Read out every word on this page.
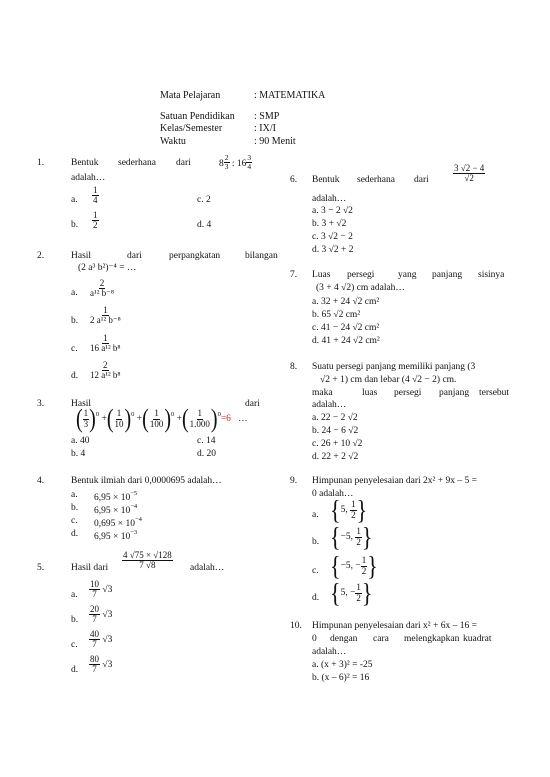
Mata Pelajaran	: MATEMATIKA
Satuan Pendidikan : SMP
Kelas/Semester	: IX/I
Waktu	: 90 Menit
1.	Bentuk sederhana dari	$8 \frac{2}{3}$ : $16 \frac{3}{4}$
adalah…
a. $\frac{1}{4}$	c. 2
b. $\frac{1}{2}$	d. 4
2.	Hasil	dari	perpangkatan	bilangan
(2 a³ b²)⁻⁴ = …
a. $\frac{2}{\text{a¹² b⁻⁸}}$
b. $\frac{1}{\text{2 a¹² b⁻⁸}}$
c. $\frac{1}{\text{16 a¹² b⁸}}$
d. $\frac{2}{\text{12 a¹² b⁸}}$
3.	Hasil	dari
( $\frac{1}{3} )^0$ +( $\frac{1}{10} )^0$ +( $\frac{1}{100} )^0$ +( $\frac{1}{1.000} )^0=6$ …
a. 40	c. 14
b. 4	d. 20
4.	Bentuk ilmiah dari 0,0000695 adalah…
a. $6,95 \times 10^{-5}$
b. $6,95 \times 10^{-4}$
c. $0,695 \times 10^{-4}$
d. $6,95 \times 10^{-3}$
5.	Hasil dari $\frac{4 √75 \times √128}{7 √8}$ adalah…
a. $\frac{10}{7} √3$
b. $\frac{20}{7} √3$
c. $\frac{40}{7} √3$
d. $\frac{80}{7} √3$
6. Bentuk sederhana dari	$\frac{3 √2 - 4}{√2}$
adalah…
a. 3 − 2 √2
b. 3 + √2
c. 3 √2 − 2
d. 3 √2 + 2
7. Luas persegi yang panjang sisinya
(3 + 4 √2) cm adalah…
a. 32 + 24 √2 cm²
b. 65 √2 cm²
c. 41 − 24 √2 cm²
d. 41 + 24 √2 cm²
8. Suatu persegi panjang memiliki panjang (3
√2 + 1) cm dan lebar (4 √2 − 2) cm.
maka	luas persegi panjang tersebut
adalah…
a. 22 − 2 √2
b. 24 − 6 √2
c. 26 + 10 √2
d. 22 + 2 √2
9. Himpunan penyelesaian dari 2x² + 9x – 5 =
0 adalah…
a. {5, $\frac{1}{2}$ }
b. {−5, $\frac{1}{2}$ }
c. {−5, − $\frac{1}{2}$ }
d. {5, − $\frac{1}{2}$ }
10. Himpunan penyelesaian dari x² + 6x – 16 =
0 dengan cara melengkapkan kuadrat
adalah…
a. (x + 3)² = -25
b. (x – 6)² = 16
